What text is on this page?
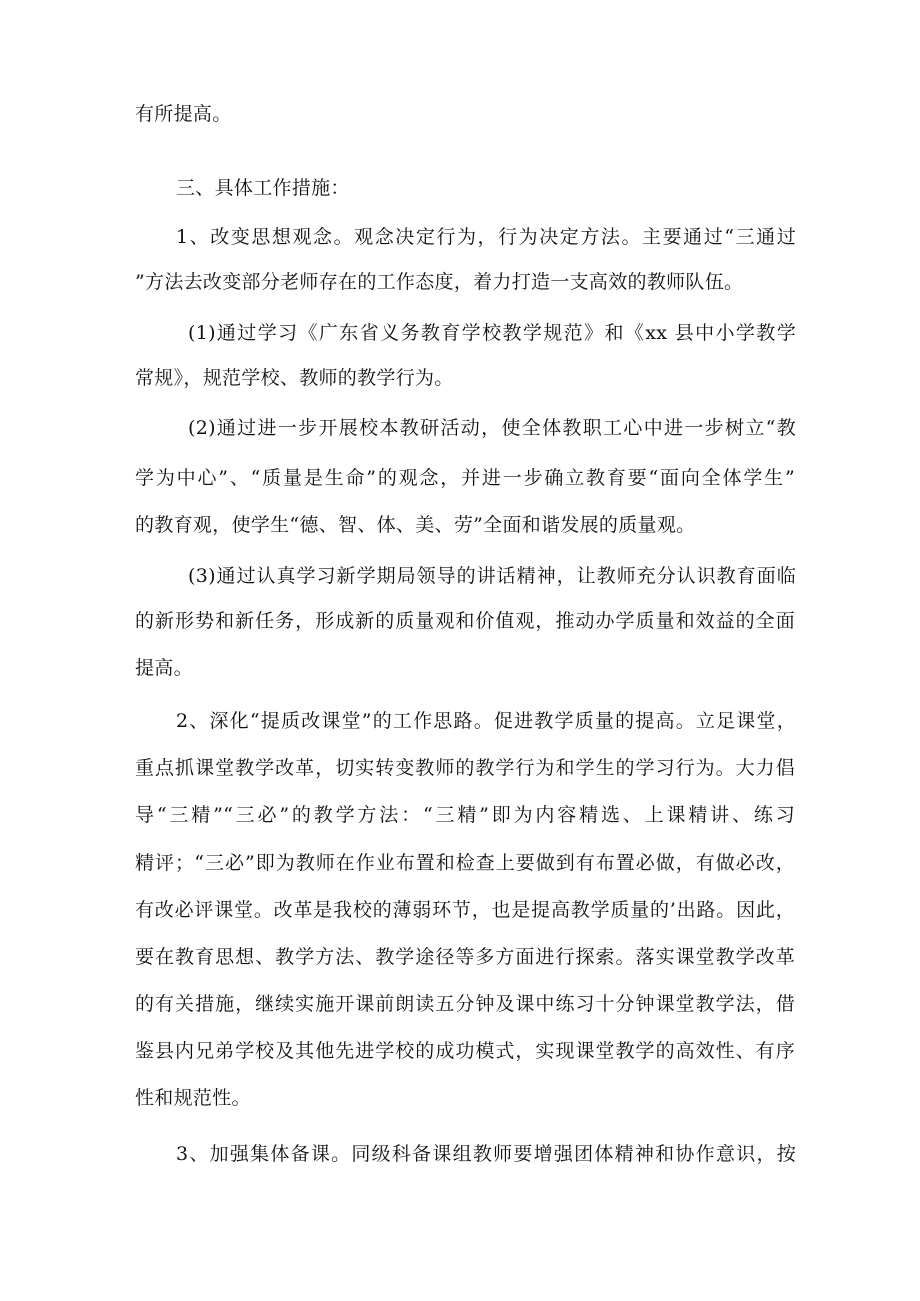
有所提高。
三、具体工作措施：
1、改变思想观念。观念决定行为，行为决定方法。主要通过“三通过
”方法去改变部分老师存在的工作态度，着力打造一支高效的教师队伍。
(1)通过学习《广东省义务教育学校教学规范》和《xx 县中小学教学
常规》，规范学校、教师的教学行为。
(2)通过进一步开展校本教研活动，使全体教职工心中进一步树立“教
学为中心”、“质量是生命”的观念，并进一步确立教育要“面向全体学生”
的教育观，使学生“德、智、体、美、劳”全面和谐发展的质量观。
(3)通过认真学习新学期局领导的讲话精神，让教师充分认识教育面临
的新形势和新任务，形成新的质量观和价值观，推动办学质量和效益的全面
提高。
2、深化“提质改课堂”的工作思路。促进教学质量的提高。立足课堂，
重点抓课堂教学改革，切实转变教师的教学行为和学生的学习行为。大力倡
导“三精”“三必”的教学方法：“三精”即为内容精选、上课精讲、练习
精评；“三必”即为教师在作业布置和检查上要做到有布置必做，有做必改，
有改必评课堂。改革是我校的薄弱环节，也是提高教学质量的’出路。因此，
要在教育思想、教学方法、教学途径等多方面进行探索。落实课堂教学改革
的有关措施，继续实施开课前朗读五分钟及课中练习十分钟课堂教学法，借
鉴县内兄弟学校及其他先进学校的成功模式，实现课堂教学的高效性、有序
性和规范性。
3、加强集体备课。同级科备课组教师要增强团体精神和协作意识，按
